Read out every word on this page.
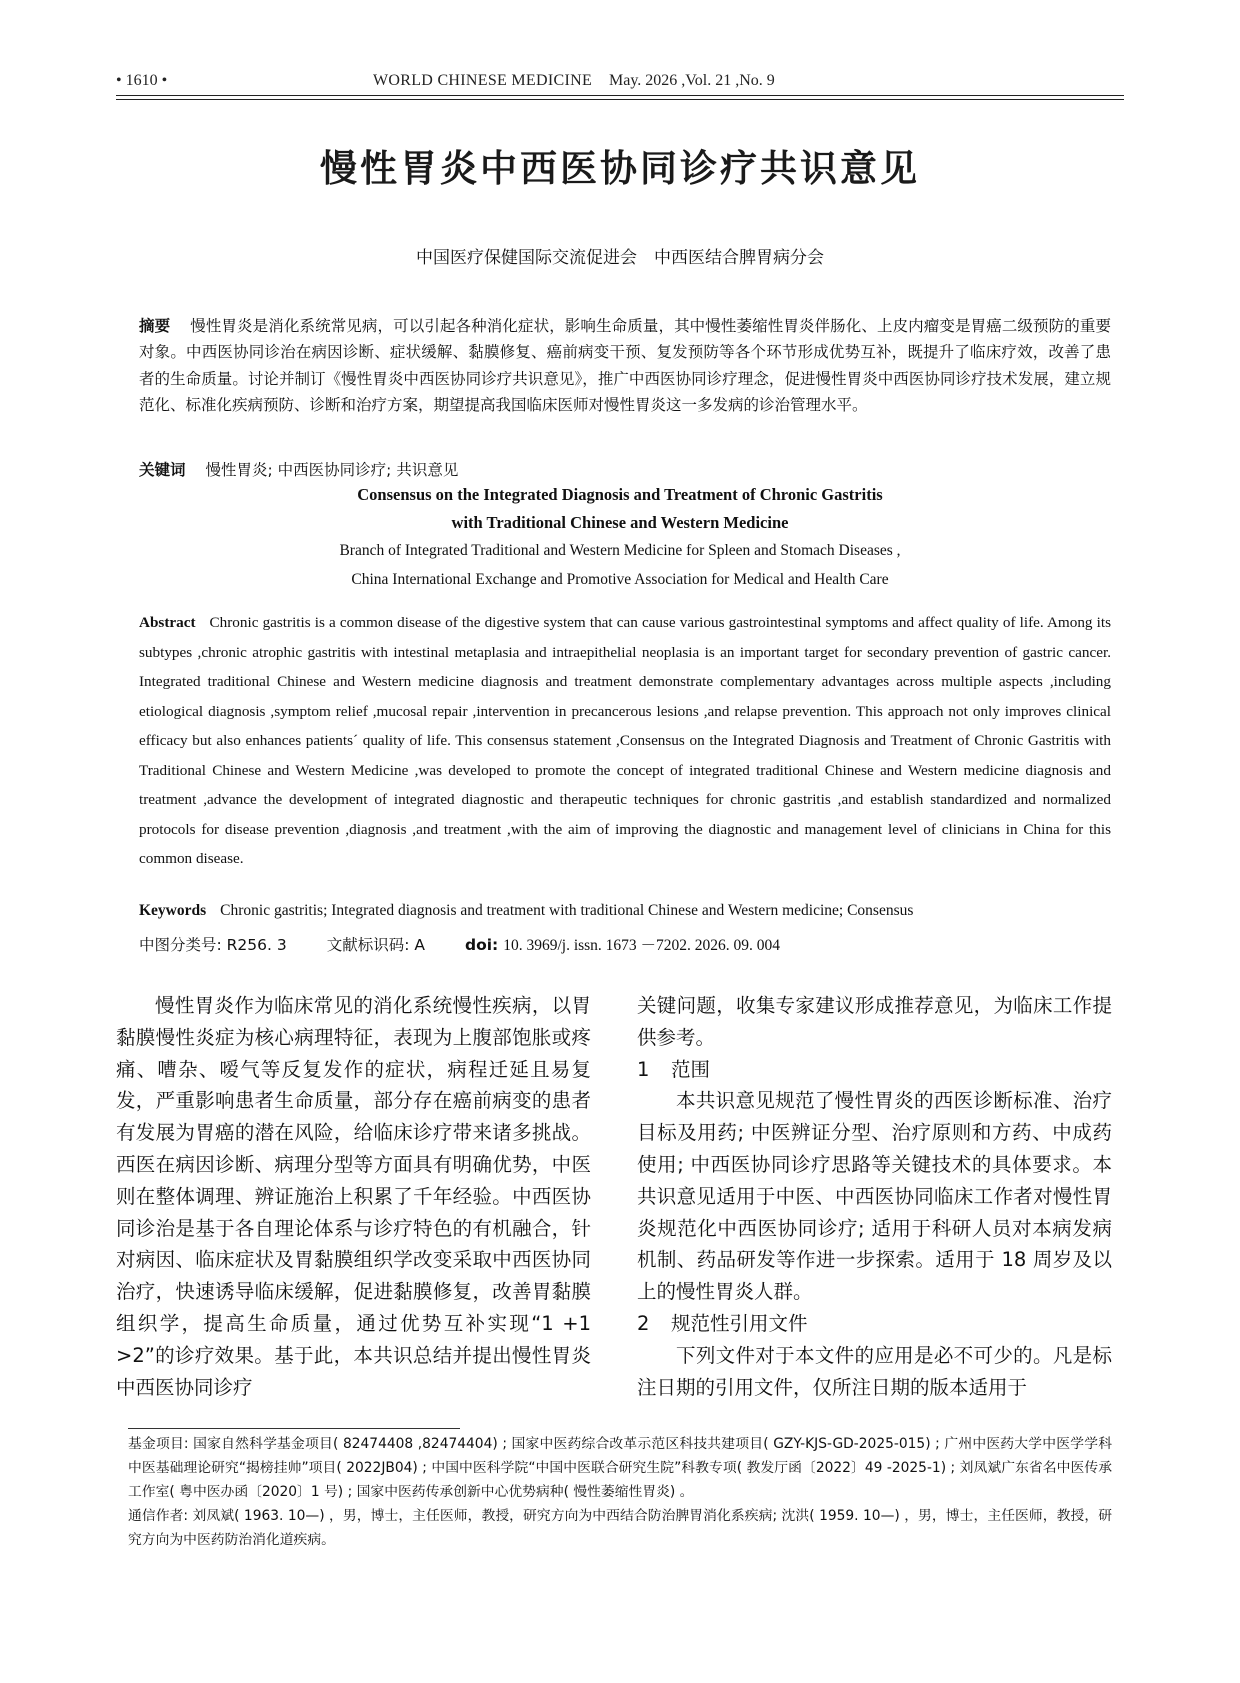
• 1610 •	WORLD CHINESE MEDICINE May. 2026 ,Vol. 21 ,No. 9
慢性胃炎中西医协同诊疗共识意见
中国医疗保健国际交流促进会　中西医结合脾胃病分会
摘要 慢性胃炎是消化系统常见病，可以引起各种消化症状，影响生命质量，其中慢性萎缩性胃炎伴肠化、上皮内瘤变是胃癌二级预防的重要对象。中西医协同诊治在病因诊断、症状缓解、黏膜修复、癌前病变干预、复发预防等各个环节形成优势互补，既提升了临床疗效，改善了患者的生命质量。讨论并制订《慢性胃炎中西医协同诊疗共识意见》，推广中西医协同诊疗理念，促进慢性胃炎中西医协同诊疗技术发展，建立规范化、标准化疾病预防、诊断和治疗方案，期望提高我国临床医师对慢性胃炎这一多发病的诊治管理水平。
关键词 慢性胃炎; 中西医协同诊疗; 共识意见
Consensus on the Integrated Diagnosis and Treatment of Chronic Gastritis
with Traditional Chinese and Western Medicine
Branch of Integrated Traditional and Western Medicine for Spleen and Stomach Diseases ,
China International Exchange and Promotive Association for Medical and Health Care
Abstract Chronic gastritis is a common disease of the digestive system that can cause various gastrointestinal symptoms and affect quality of life. Among its subtypes ,chronic atrophic gastritis with intestinal metaplasia and intraepithelial neoplasia is an important target for secondary prevention of gastric cancer. Integrated traditional Chinese and Western medicine diagnosis and treatment demonstrate complementary advantages across multiple aspects ,including etiological diagnosis ,symptom relief ,mucosal repair ,intervention in precancerous lesions ,and relapse prevention. This approach not only improves clinical efficacy but also enhances patients´ quality of life. This consensus statement ,Consensus on the Integrated Diagnosis and Treatment of Chronic Gastritis with Traditional Chinese and Western Medicine ,was developed to promote the concept of integrated traditional Chinese and Western medicine diagnosis and treatment ,advance the development of integrated diagnostic and therapeutic techniques for chronic gastritis ,and establish standardized and normalized protocols for disease prevention ,diagnosis ,and treatment ,with the aim of improving the diagnostic and management level of clinicians in China for this common disease.
Keywords Chronic gastritis; Integrated diagnosis and treatment with traditional Chinese and Western medicine; Consensus
中图分类号: R256. 3	文献标识码: A	doi: 10. 3969/j. issn. 1673 －7202. 2026. 09. 004

慢性胃炎作为临床常见的消化系统慢性疾病，以胃黏膜慢性炎症为核心病理特征，表现为上腹部饱胀或疼痛、嘈杂、嗳气等反复发作的症状，病程迁延且易复发，严重影响患者生命质量，部分存在癌前病变的患者有发展为胃癌的潜在风险，给临床诊疗带来诸多挑战。西医在病因诊断、病理分型等方面具有明确优势，中医则在整体调理、辨证施治上积累了千年经验。中西医协同诊治是基于各自理论体系与诊疗特色的有机融合，针对病因、临床症状及胃黏膜组织学改变采取中西医协同治疗，快速诱导临床缓解，促进黏膜修复，改善胃黏膜组织学，提高生命质量，通过优势互补实现“1 +1 >2”的诊疗效果。基于此，本共识总结并提出慢性胃炎中西医协同诊疗

关键问题，收集专家建议形成推荐意见，为临床工作提供参考。

1 范围

本共识意见规范了慢性胃炎的西医诊断标准、治疗目标及用药; 中医辨证分型、治疗原则和方药、中成药使用; 中西医协同诊疗思路等关键技术的具体要求。本共识意见适用于中医、中西医协同临床工作者对慢性胃炎规范化中西医协同诊疗; 适用于科研人员对本病发病机制、药品研发等作进一步探索。适用于 18 周岁及以上的慢性胃炎人群。

2 规范性引用文件

下列文件对于本文件的应用是必不可少的。凡是标注日期的引用文件，仅所注日期的版本适用于

基金项目: 国家自然科学基金项目( 82474408 ,82474404) ; 国家中医药综合改革示范区科技共建项目( GZY-KJS-GD-2025-015) ; 广州中医药大学中医学学科中医基础理论研究“揭榜挂帅”项目( 2022JB04) ; 中国中医科学院“中国中医联合研究生院”科教专项( 教发厅函〔2022〕49 -2025-1) ; 刘凤斌广东省名中医传承工作室( 粤中医办函〔2020〕1 号) ; 国家中医药传承创新中心优势病种( 慢性萎缩性胃炎) 。

通信作者: 刘凤斌( 1963. 10—) ，男，博士，主任医师，教授，研究方向为中西结合防治脾胃消化系疾病; 沈洪( 1959. 10—) ，男，博士，主任医师，教授，研究方向为中医药防治消化道疾病。
